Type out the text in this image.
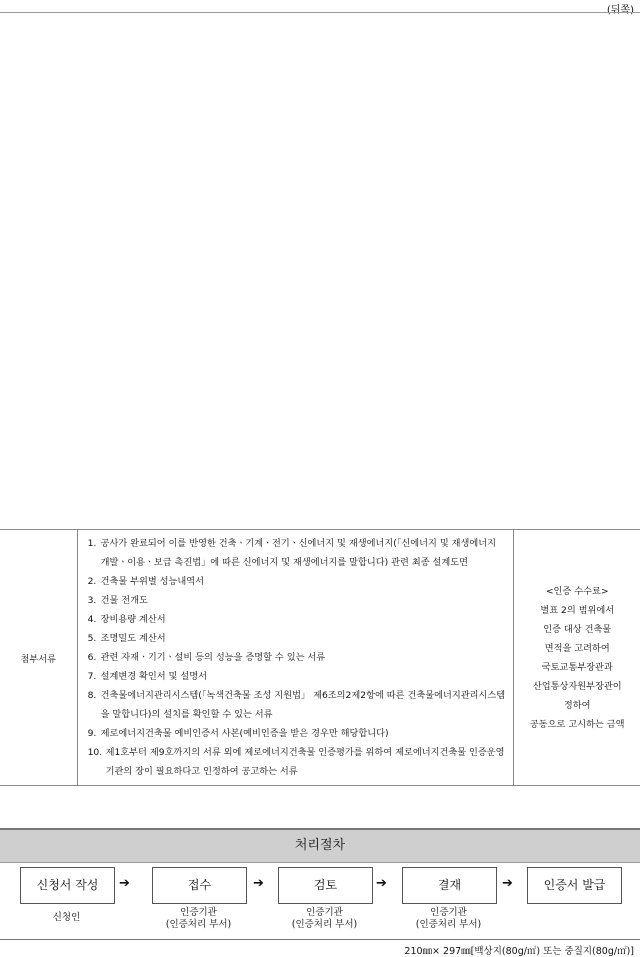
(뒤쪽)
첨부서류	
1. 공사가 완료되어 이를 반영한 건축ㆍ기계ㆍ전기ㆍ신에너지 및 재생에너지(「신에너지 및 재생에너지 개발ㆍ이용ㆍ보급 촉진법」에 따른 신에너지 및 재생에너지를 말합니다) 관련 최종 설계도면
2. 건축물 부위별 성능내역서
3. 건물 전개도
4. 장비용량 계산서
5. 조명밀도 계산서
6. 관련 자재ㆍ기기ㆍ설비 등의 성능을 증명할 수 있는 서류
7. 설계변경 확인서 및 설명서
8. 건축물에너지관리시스템(「녹색건축물 조성 지원법」 제6조의2제2항에 따른 건축물에너지관리시스템을 말합니다)의 설치를 확인할 수 있는 서류
9. 제로에너지건축물 예비인증서 사본(예비인증을 받은 경우만 해당합니다)
10. 제1호부터 제9호까지의 서류 외에 제로에너지건축물 인증평가를 위하여 제로에너지건축물 인증운영기관의 장이 필요하다고 인정하여 공고하는 서류

<인증 수수료>
별표 2의 범위에서
인증 대상 건축물
면적을 고려하여
국토교통부장관과
산업통상자원부장관이
정하여
공동으로 고시하는 금액
처리절차
신청서 작성	➔	접수	➔	검토	➔	결재	➔	인증서 발급
신청인	인증기관
(인증처리 부서)
인증기관
(인증처리 부서)
인증기관
(인증처리 부서)
210㎜× 297㎜[백상지(80g/㎡) 또는 중질지(80g/㎡)]
